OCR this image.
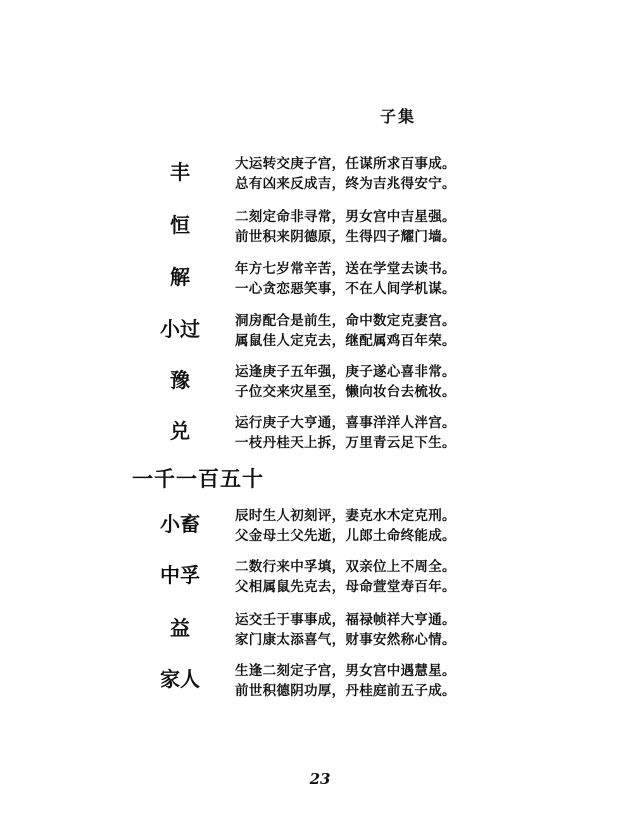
子集
丰	大运转交庚子宫，任谋所求百事成。
总有凶来反成吉，终为吉兆得安宁。
恒	二刻定命非寻常，男女宫中吉星强。
前世积来阴德原，生得四子耀门墙。
解	年方七岁常辛苦，送在学堂去读书。
一心贪恋惡笑事，不在人间学机谋。
小过	洞房配合是前生，命中数定克妻宫。
属鼠佳人定克去，继配属鸡百年荣。
豫	运逢庚子五年强，庚子遂心喜非常。
子位交来灾星至，懒向妆台去梳妆。
兑	运行庚子大亨通，喜事洋洋人泮宫。
一枝丹桂天上拆，万里青云足下生。
一千一百五十
小畜	辰时生人初刻评，妻克水木定克刑。
父金母土父先逝，儿郎土命终能成。
中孚	二数行来中孚填，双亲位上不周全。
父相属鼠先克去，母命萱堂寿百年。
益	运交壬于事事成，福禄帧祥大亨通。
家门康太添喜气，财事安然称心情。
家人	生逢二刻定子宫，男女宫中遇慧星。
前世积德阴功厚，丹桂庭前五子成。
23
